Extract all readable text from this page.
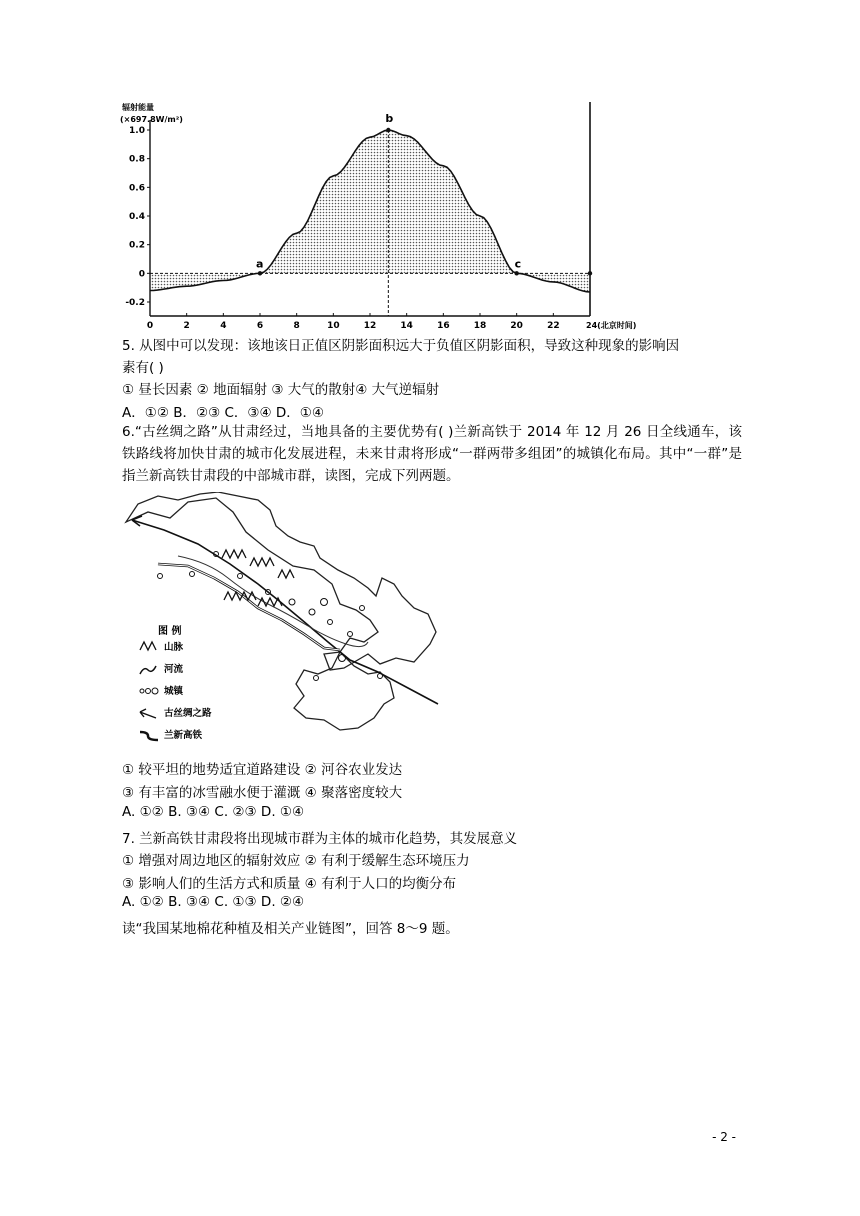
辐射能量
(×697.8W/m²)
1.0
0.8
0.6
0.4
0.2
0
-0.2
0	2	4	6	8	10	12	14	16	18	20	22	24(北京时间)
a
b
c
5. 从图中可以发现：该地该日正值区阴影面积远大于负值区阴影面积，导致这种现象的影响因
素有( )
① 昼长因素 ② 地面辐射 ③ 大气的散射④ 大气逆辐射
A．①② B．②③ C．③④ D．①④
6.“古丝绸之路”从甘肃经过，当地具备的主要优势有( )兰新高铁于 2014 年 12 月 26 日全线通车，该铁路线将加快甘肃的城市化发展进程，未来甘肃将形成“一群两带多组团”的城镇化布局。其中“一群”是指兰新高铁甘肃段的中部城市群，读图，完成下列两题。
图 例
山脉
河流
城镇
古丝绸之路
兰新高铁
① 较平坦的地势适宜道路建设 ② 河谷农业发达
③ 有丰富的冰雪融水便于灌溉 ④ 聚落密度较大
A. ①② B. ③④ C. ②③ D. ①④
7. 兰新高铁甘肃段将出现城市群为主体的城市化趋势，其发展意义
① 增强对周边地区的辐射效应 ② 有利于缓解生态环境压力
③ 影响人们的生活方式和质量 ④ 有利于人口的均衡分布
A. ①② B. ③④ C. ①③ D. ②④
读“我国某地棉花种植及相关产业链图”，回答 8～9 题。
- 2 -
